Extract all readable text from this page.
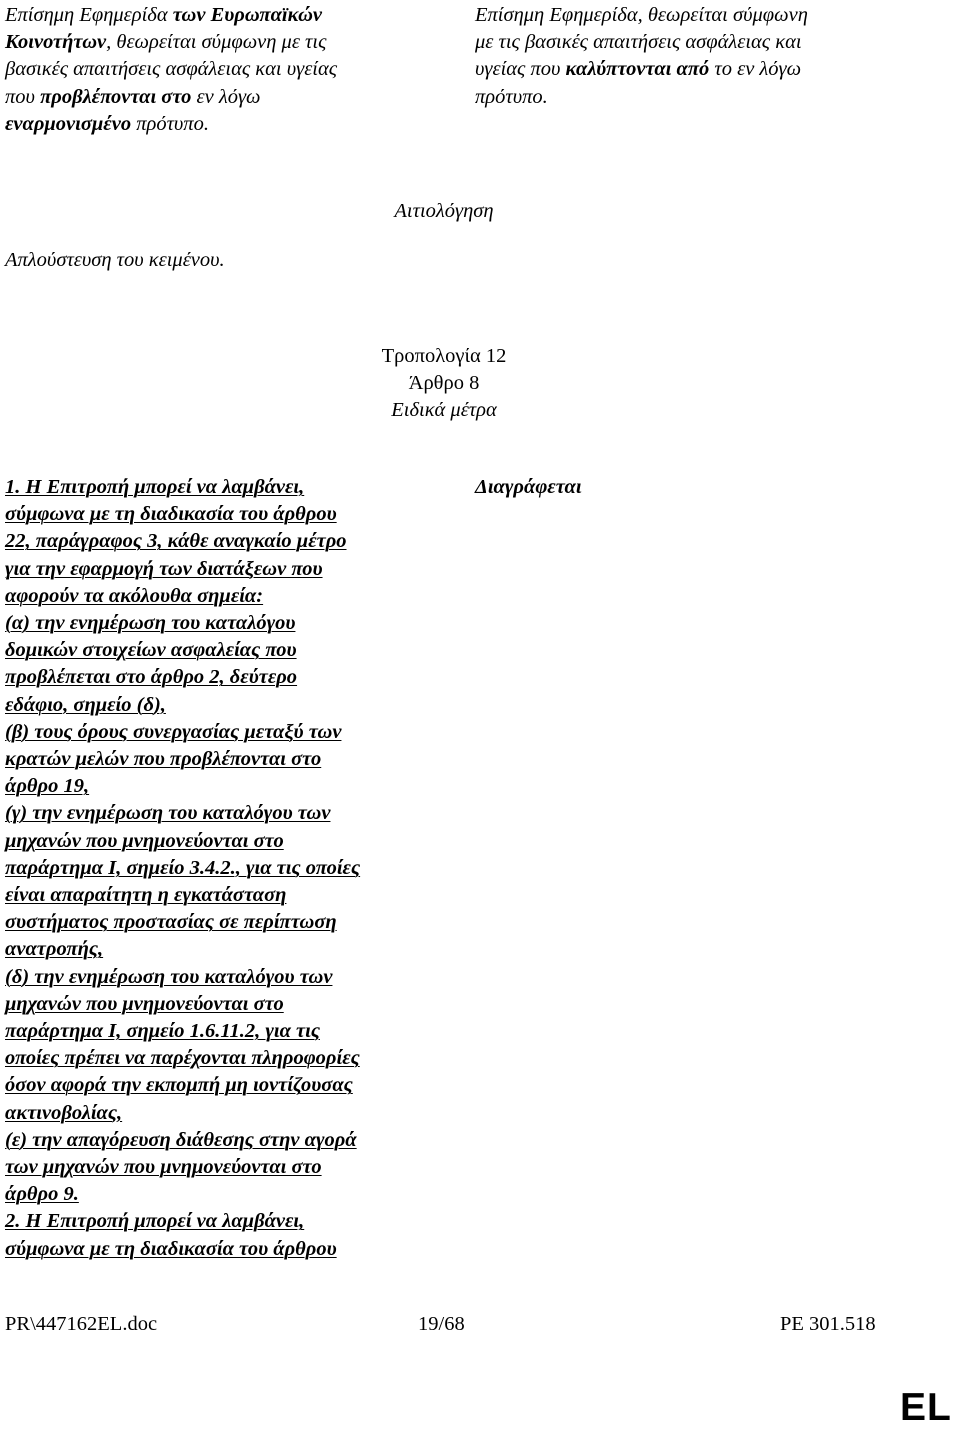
Επίσημη Εφημερίδα των Ευρωπαϊκών
Κοινοτήτων, θεωρείται σύμφωνη με τις
βασικές απαιτήσεις ασφάλειας και υγείας
που προβλέπονται στο εν λόγω
εναρμονισμένο πρότυπο.
Επίσημη Εφημερίδα, θεωρείται σύμφωνη
με τις βασικές απαιτήσεις ασφάλειας και
υγείας που καλύπτονται από το εν λόγω
πρότυπο.
Αιτιολόγηση
Απλούστευση του κειμένου.
Τροπολογία 12
Άρθρο 8
Ειδικά μέτρα
1. Η Επιτροπή μπορεί να λαμβάνει,
σύμφωνα με τη διαδικασία του άρθρου
22, παράγραφος 3, κάθε αναγκαίο μέτρο
για την εφαρμογή των διατάξεων που
αφορούν τα ακόλουθα σημεία:
(α) την ενημέρωση του καταλόγου
δομικών στοιχείων ασφαλείας που
προβλέπεται στο άρθρο 2, δεύτερο
εδάφιο, σημείο (δ),
(β) τους όρους συνεργασίας μεταξύ των
κρατών μελών που προβλέπονται στο
άρθρο 19,
(γ) την ενημέρωση του καταλόγου των
μηχανών που μνημονεύονται στο
παράρτημα I, σημείο 3.4.2., για τις οποίες
είναι απαραίτητη η εγκατάσταση
συστήματος προστασίας σε περίπτωση
ανατροπής,
(δ) την ενημέρωση του καταλόγου των
μηχανών που μνημονεύονται στο
παράρτημα I, σημείο 1.6.11.2, για τις
οποίες πρέπει να παρέχονται πληροφορίες
όσον αφορά την εκπομπή μη ιοντίζουσας
ακτινοβολίας,
(ε) την απαγόρευση διάθεσης στην αγορά
των μηχανών που μνημονεύονται στο
άρθρο 9.
2. Η Επιτροπή μπορεί να λαμβάνει,
σύμφωνα με τη διαδικασία του άρθρου
Διαγράφεται
PR\447162EL.doc	19/68	PE 301.518
EL
